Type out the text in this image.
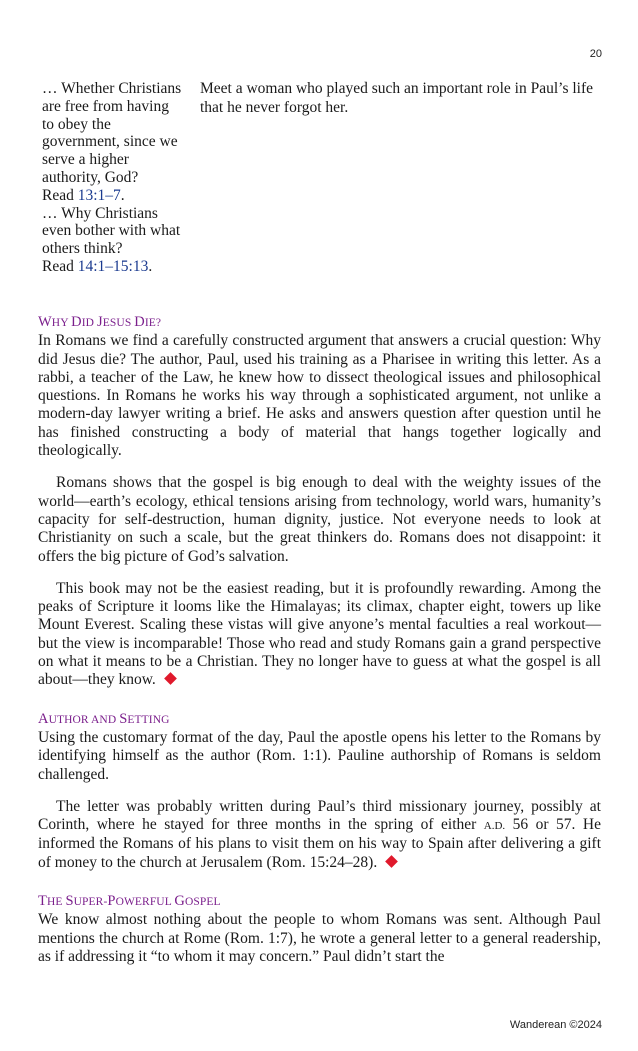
20

… Whether Christians are free from having to obey the government, since we serve a higher authority, God?
Read 13:1–7.

… Why Christians even bother with what others think?
Read 14:1–15:13.

Meet a woman who played such an important role in Paul’s life that he never forgot her.

WHY DID JESUS DIE?

In Romans we find a carefully constructed argument that answers a crucial question: Why did Jesus die? The author, Paul, used his training as a Pharisee in writing this letter. As a rabbi, a teacher of the Law, he knew how to dissect theological issues and philosophical questions. In Romans he works his way through a sophisticated argument, not unlike a modern-day lawyer writing a brief. He asks and answers question after question until he has finished constructing a body of material that hangs together logically and theologically.

Romans shows that the gospel is big enough to deal with the weighty issues of the world—earth’s ecology, ethical tensions arising from technology, world wars, humanity’s capacity for self-destruction, human dignity, justice. Not everyone needs to look at Christianity on such a scale, but the great thinkers do. Romans does not disappoint: it offers the big picture of God’s salvation.

This book may not be the easiest reading, but it is profoundly rewarding. Among the peaks of Scripture it looms like the Himalayas; its climax, chapter eight, towers up like Mount Everest. Scaling these vistas will give anyone’s mental faculties a real workout—but the view is incomparable! Those who read and study Romans gain a grand perspective on what it means to be a Christian. They no longer have to guess at what the gospel is all about—they know.

AUTHOR AND SETTING

Using the customary format of the day, Paul the apostle opens his letter to the Romans by identifying himself as the author (Rom. 1:1). Pauline authorship of Romans is seldom challenged.

The letter was probably written during Paul’s third missionary journey, possibly at Corinth, where he stayed for three months in the spring of either A.D. 56 or 57. He informed the Romans of his plans to visit them on his way to Spain after delivering a gift of money to the church at Jerusalem (Rom. 15:24–28).

THE SUPER-POWERFUL GOSPEL

We know almost nothing about the people to whom Romans was sent. Although Paul mentions the church at Rome (Rom. 1:7), he wrote a general letter to a general readership, as if addressing it “to whom it may concern.” Paul didn’t start the

Wanderean ©2024
